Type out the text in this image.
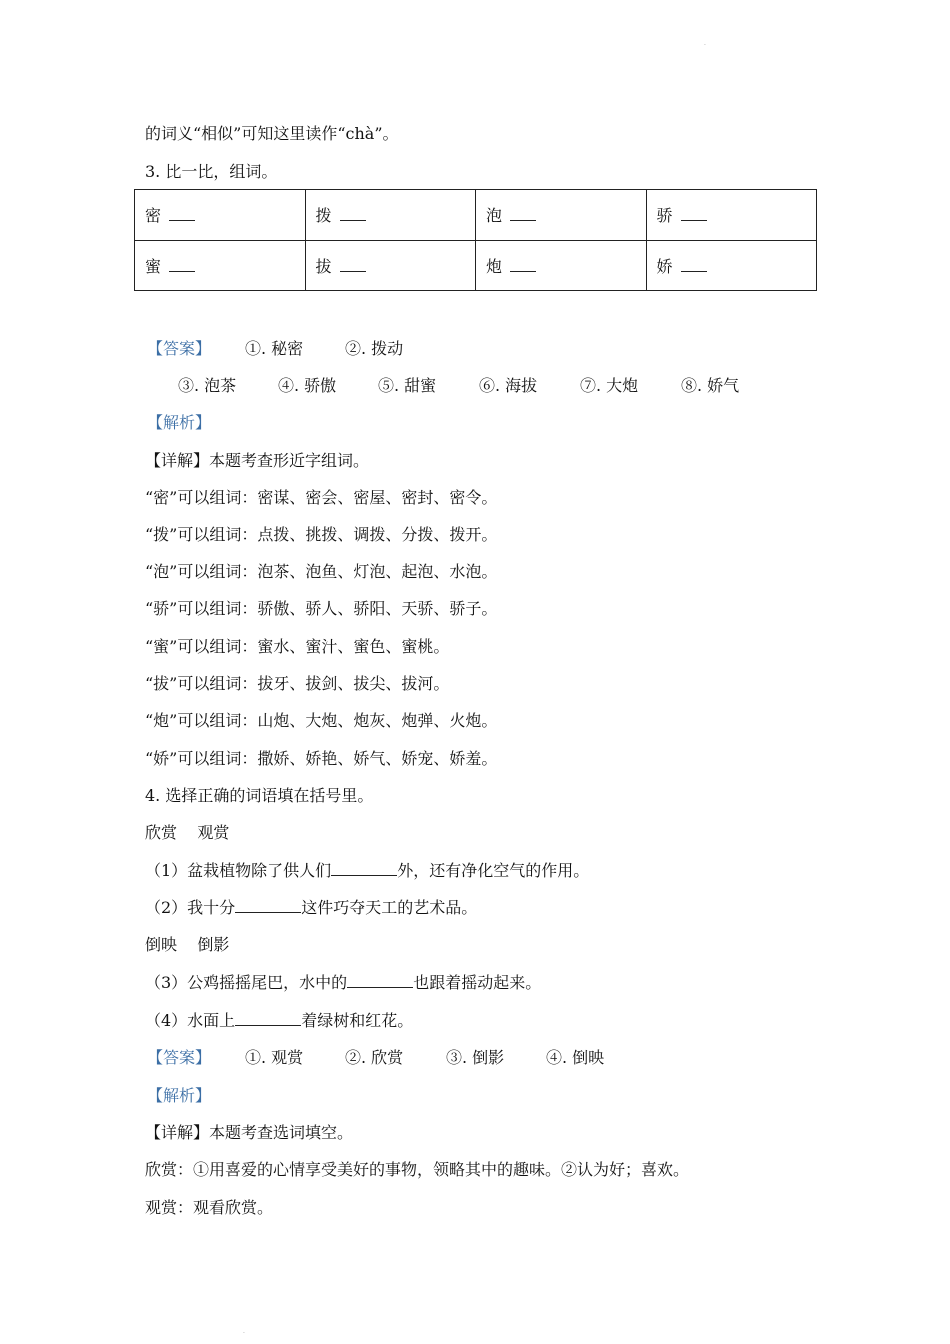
的词义“相似”可知这里读作“chà”。

3. 比一比，组词。

密	拨	泡	骄
蜜	拔	炮	娇
【答案】 ①. 秘密	②. 拨动
③. 泡茶	④. 骄傲	⑤. 甜蜜	⑥. 海拔	⑦. 大炮	⑧. 娇气
【解析】

【详解】本题考查形近字组词。

“密”可以组词：密谋、密会、密屋、密封、密令。

“拨”可以组词：点拨、挑拨、调拨、分拨、拨开。

“泡”可以组词：泡茶、泡鱼、灯泡、起泡、水泡。

“骄”可以组词：骄傲、骄人、骄阳、天骄、骄子。

“蜜”可以组词：蜜水、蜜汁、蜜色、蜜桃。

“拔”可以组词：拔牙、拔剑、拔尖、拔河。

“炮”可以组词：山炮、大炮、炮灰、炮弹、火炮。

“娇”可以组词：撒娇、娇艳、娇气、娇宠、娇羞。

4. 选择正确的词语填在括号里。

欣赏    观赏

（1）盆栽植物除了供人们	外，还有净化空气的作用。

（2）我十分	这件巧夺天工的艺术品。

倒映    倒影

（3）公鸡摇摇尾巴，水中的	也跟着摇动起来。

（4）水面上	着绿树和红花。

【答案】 ①. 观赏	②. 欣赏	③. 倒影	④. 倒映
【解析】

【详解】本题考查选词填空。

欣赏：①用喜爱的心情享受美好的事物，领略其中的趣味。②认为好；喜欢。

观赏：观看欣赏。

·
·
